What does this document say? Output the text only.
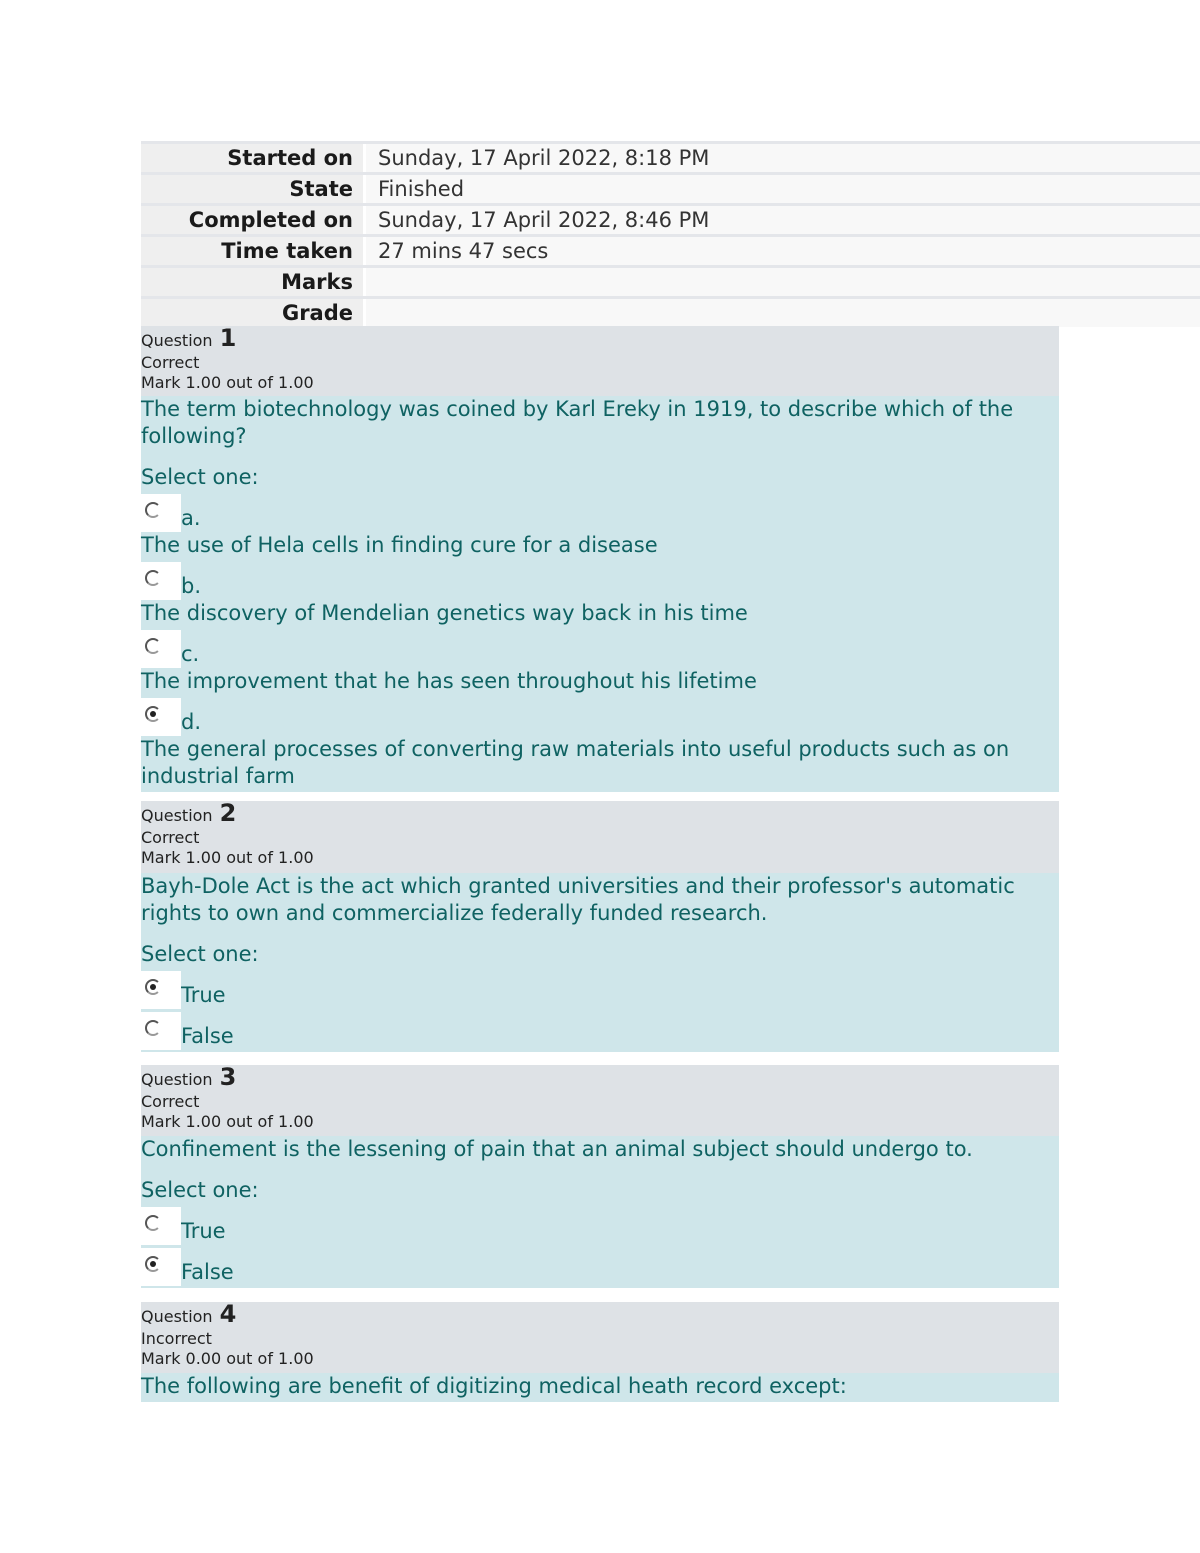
Started on	Sunday, 17 April 2022, 8:18 PM
State	Finished
Completed on	Sunday, 17 April 2022, 8:46 PM
Time taken	27 mins 47 secs
Marks
Grade
Question 1
Correct
Mark 1.00 out of 1.00
The term biotechnology was coined by Karl Ereky in 1919, to describe which of the following?
Select one:
a.
The use of Hela cells in finding cure for a disease
b.
The discovery of Mendelian genetics way back in his time
c.
The improvement that he has seen throughout his lifetime
d.
The general processes of converting raw materials into useful products such as on industrial farm
Question 2
Correct
Mark 1.00 out of 1.00
Bayh-Dole Act is the act which granted universities and their professor's automatic rights to own and commercialize federally funded research.
Select one:
True
False
Question 3
Correct
Mark 1.00 out of 1.00
Confinement is the lessening of pain that an animal subject should undergo to.
Select one:
True
False
Question 4
Incorrect
Mark 0.00 out of 1.00
The following are benefit of digitizing medical heath record except:
